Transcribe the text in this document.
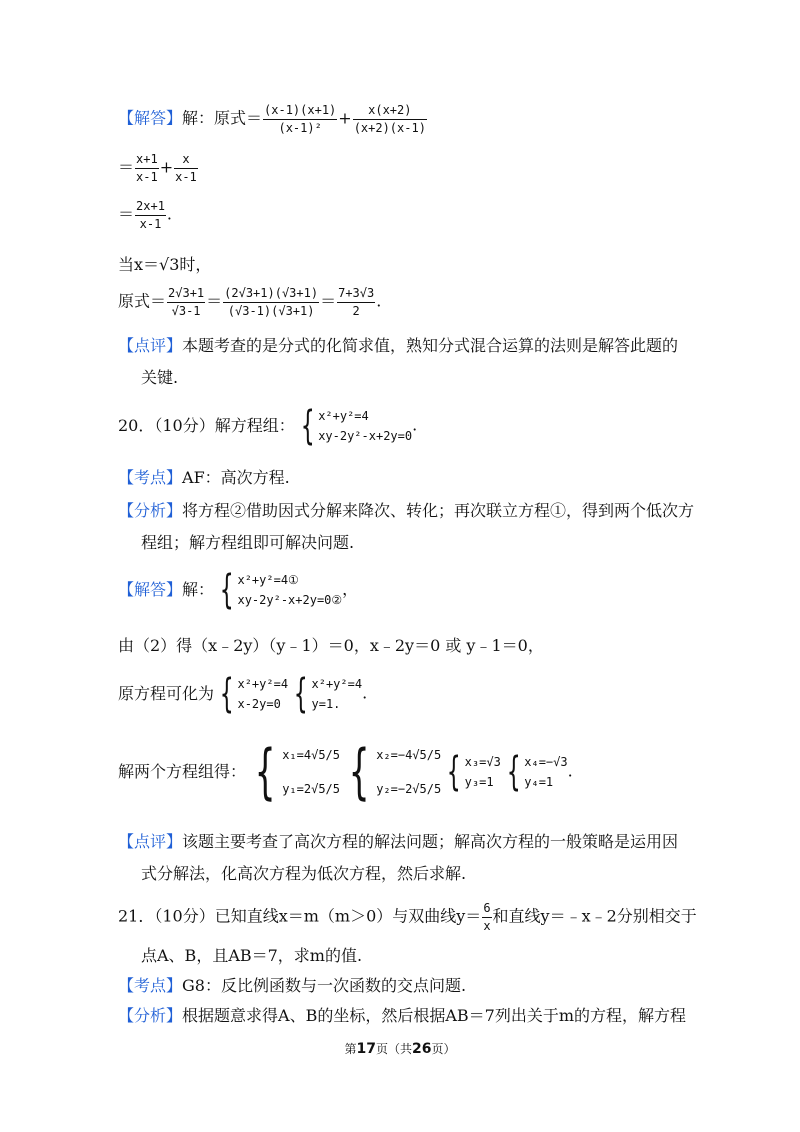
【解答】解：原式＝ $\frac{(x-1)(x+1)}{\text{(x-1)²}} + \frac{x(x+2)}{(x+2)(x-1)}$
＝ $\frac{x+1}{x-1} + \frac{x}{x-1}$
＝ $\frac{2x+1}{x-1}$ .
当x＝√3时，
原式＝ $\frac{2√3+1}{√3-1} = \frac{(2√3+1)(√3+1)}{(√3-1)(√3+1)} = \frac{7+3√3}{2}$ .
【点评】本题考查的是分式的化简求值，熟知分式混合运算的法则是解答此题的
关键.
20．（10分）解方程组： { x²+y²=4
xy-2y²-x+2y=0
.
【考点】AF：高次方程.
【分析】将方程②借助因式分解来降次、转化；再次联立方程①，得到两个低次方
程组；解方程组即可解决问题.
【解答】解： { x²+y²=4①
xy-2y²-x+2y=0②
，
由（2）得（x﹣2y）（y﹣1）＝0，x﹣2y＝0 或 y﹣1＝0，
原方程可化为 { x²+y²=4
x-2y=0 { x²+y²=4
y=1.
.
解两个方程组得： { x₁=4√5/5
y₁=2√5/5 { x₂=−4√5/5
y₂=−2√5/5 { x₃=√3
y₃=1 { x₄=−√3
y₄=1
.
【点评】该题主要考查了高次方程的解法问题；解高次方程的一般策略是运用因
式分解法，化高次方程为低次方程，然后求解.
21．（10分）已知直线x＝m（m＞0）与双曲线$y= \frac{6}{x}$ 和直线y＝﹣x﹣2分别相交于
点A、B，且AB＝7，求m的值.
【考点】G8：反比例函数与一次函数的交点问题.
【分析】根据题意求得A、B的坐标，然后根据AB＝7列出关于m的方程，解方程
第17页（共26页）
